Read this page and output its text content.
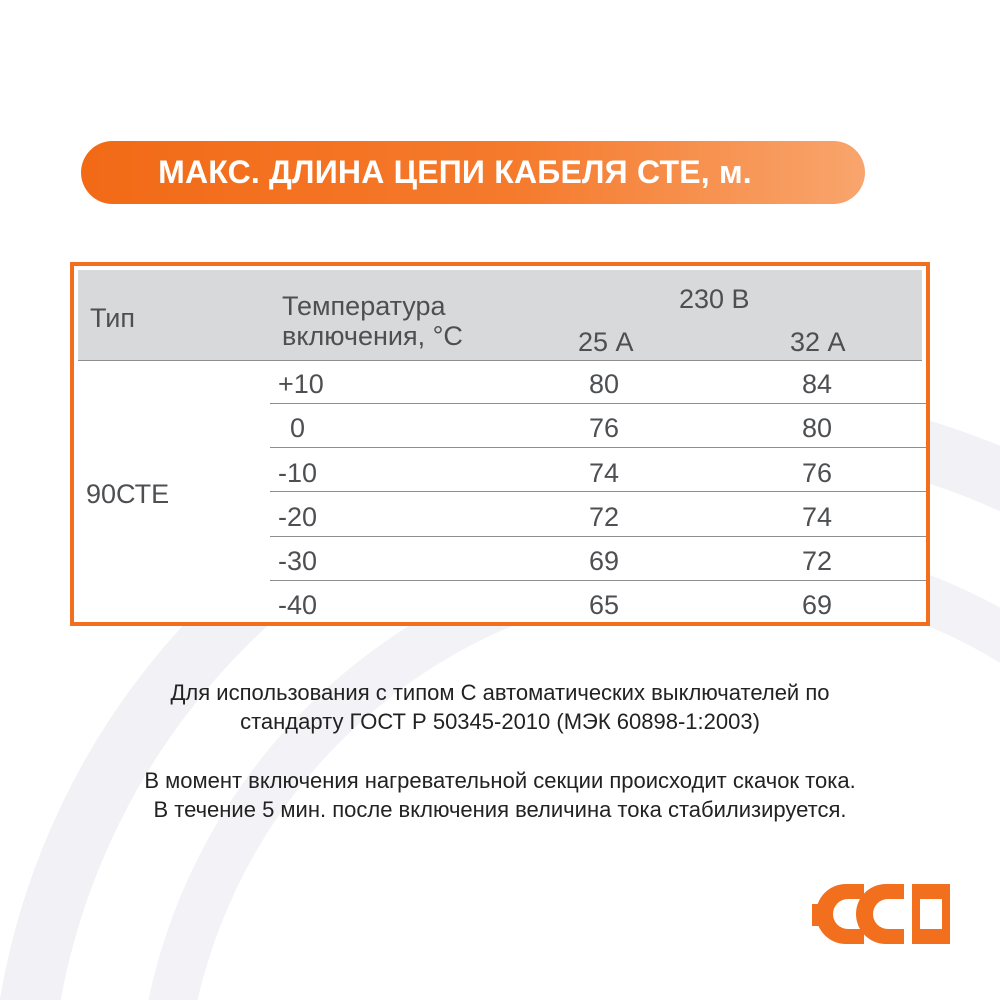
МАКС. ДЛИНА ЦЕПИ КАБЕЛЯ СТЕ, м.
Тип	Температура
включения, °С
230 В
25 А	32 А
90СТЕ
+10	80	84
0	76	80
-10	74	76
-20	72	74
-30	69	72
-40	65	69
Для использования с типом С автоматических выключателей по
стандарту ГОСТ Р 50345-2010 (МЭК 60898-1:2003)
В момент включения нагревательной секции происходит скачок тока.
В течение 5 мин. после включения величина тока стабилизируется.
